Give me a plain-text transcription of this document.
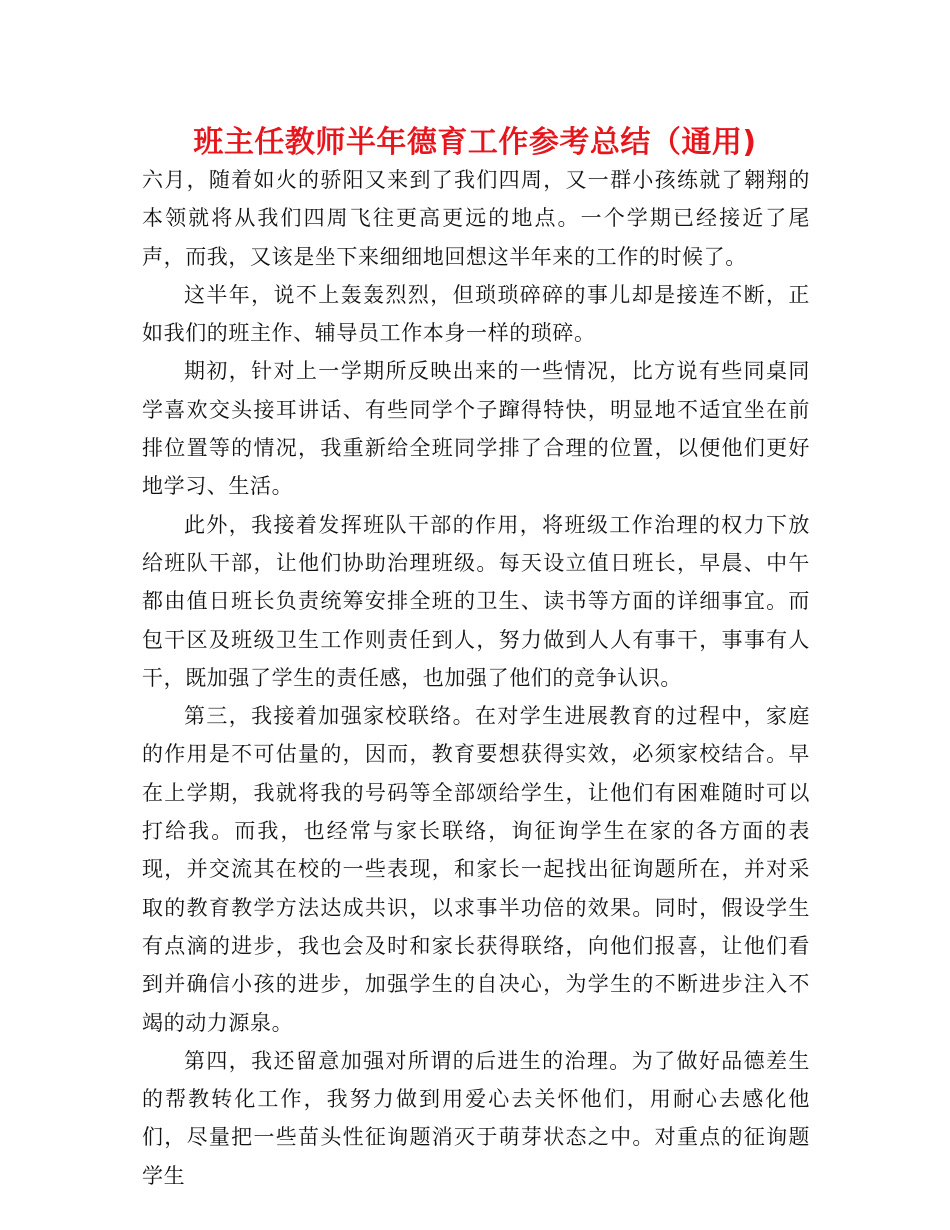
班主任教师半年德育工作参考总结（通用)

六月，随着如火的骄阳又来到了我们四周，又一群小孩练就了翱翔的本领就将从我们四周飞往更高更远的地点。一个学期已经接近了尾声，而我，又该是坐下来细细地回想这半年来的工作的时候了。

这半年，说不上轰轰烈烈，但琐琐碎碎的事儿却是接连不断，正如我们的班主作、辅导员工作本身一样的琐碎。

期初，针对上一学期所反映出来的一些情况，比方说有些同桌同学喜欢交头接耳讲话、有些同学个子蹿得特快，明显地不适宜坐在前排位置等的情况，我重新给全班同学排了合理的位置，以便他们更好地学习、生活。

此外，我接着发挥班队干部的作用，将班级工作治理的权力下放给班队干部，让他们协助治理班级。每天设立值日班长，早晨、中午都由值日班长负责统筹安排全班的卫生、读书等方面的详细事宜。而包干区及班级卫生工作则责任到人，努力做到人人有事干，事事有人干，既加强了学生的责任感，也加强了他们的竞争认识。

第三，我接着加强家校联络。在对学生进展教育的过程中，家庭的作用是不可估量的，因而，教育要想获得实效，必须家校结合。早在上学期，我就将我的号码等全部颂给学生，让他们有困难随时可以打给我。而我，也经常与家长联络，询征询学生在家的各方面的表现，并交流其在校的一些表现，和家长一起找出征询题所在，并对采取的教育教学方法达成共识，以求事半功倍的效果。同时，假设学生有点滴的进步，我也会及时和家长获得联络，向他们报喜，让他们看到并确信小孩的进步，加强学生的自决心，为学生的不断进步注入不竭的动力源泉。

第四，我还留意加强对所谓的后进生的治理。为了做好品德差生的帮教转化工作，我努力做到用爱心去关怀他们，用耐心去感化他们，尽量把一些苗头性征询题消灭于萌芽状态之中。对重点的征询题学生
